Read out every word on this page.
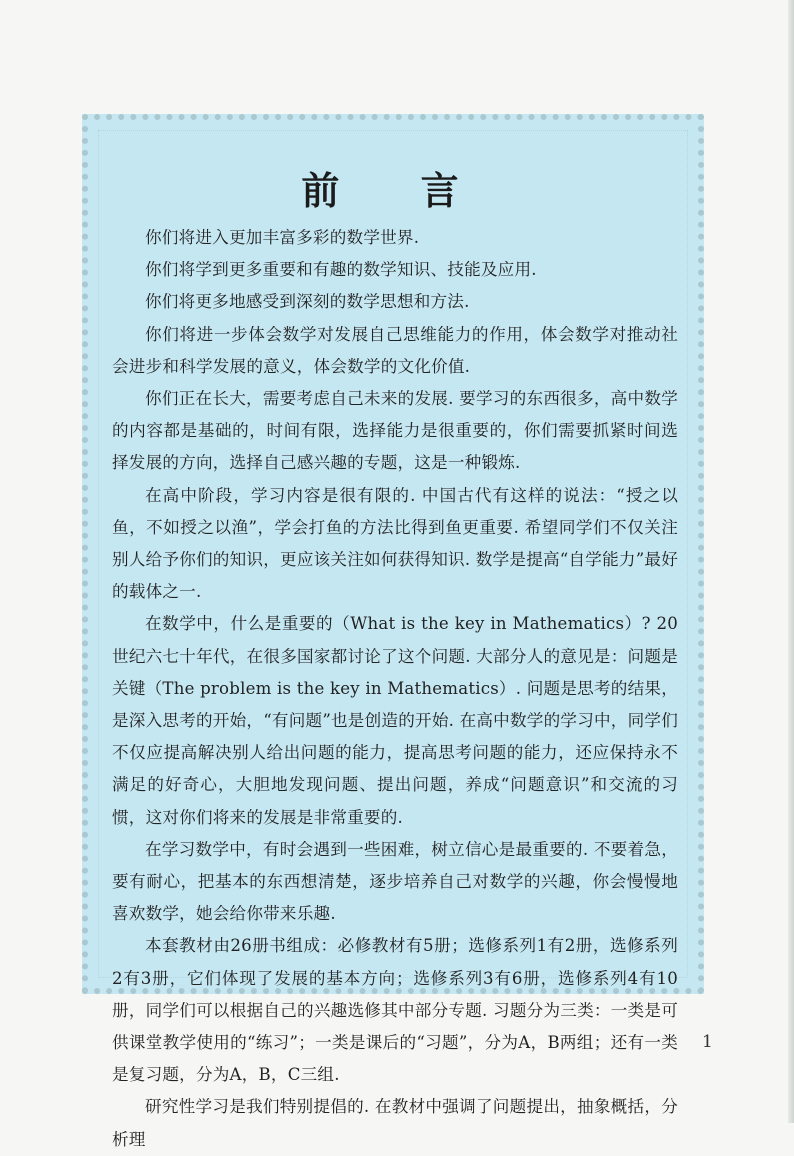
前 言

你们将进入更加丰富多彩的数学世界.

你们将学到更多重要和有趣的数学知识、技能及应用.

你们将更多地感受到深刻的数学思想和方法.

你们将进一步体会数学对发展自己思维能力的作用，体会数学对推动社会进步和科学发展的意义，体会数学的文化价值.

你们正在长大，需要考虑自己未来的发展. 要学习的东西很多，高中数学的内容都是基础的，时间有限，选择能力是很重要的，你们需要抓紧时间选择发展的方向，选择自己感兴趣的专题，这是一种锻炼.

在高中阶段，学习内容是很有限的. 中国古代有这样的说法：“授之以鱼，不如授之以渔”，学会打鱼的方法比得到鱼更重要. 希望同学们不仅关注别人给予你们的知识，更应该关注如何获得知识. 数学是提高“自学能力”最好的载体之一.

在数学中，什么是重要的（What is the key in Mathematics）? 20 世纪六七十年代，在很多国家都讨论了这个问题. 大部分人的意见是：问题是关键（The problem is the key in Mathematics）. 问题是思考的结果，是深入思考的开始，“有问题”也是创造的开始. 在高中数学的学习中，同学们不仅应提高解决别人给出问题的能力，提高思考问题的能力，还应保持永不满足的好奇心，大胆地发现问题、提出问题，养成“问题意识”和交流的习惯，这对你们将来的发展是非常重要的.

在学习数学中，有时会遇到一些困难，树立信心是最重要的. 不要着急，要有耐心，把基本的东西想清楚，逐步培养自己对数学的兴趣，你会慢慢地喜欢数学，她会给你带来乐趣.

本套教材由26册书组成：必修教材有5册；选修系列1有2册，选修系列2有3册，它们体现了发展的基本方向；选修系列3有6册，选修系列4有10册，同学们可以根据自己的兴趣选修其中部分专题. 习题分为三类：一类是可供课堂教学使用的“练习”；一类是课后的“习题”，分为A，B两组；还有一类是复习题，分为A，B，C三组.

研究性学习是我们特别提倡的. 在教材中强调了问题提出，抽象概括，分析理

1
